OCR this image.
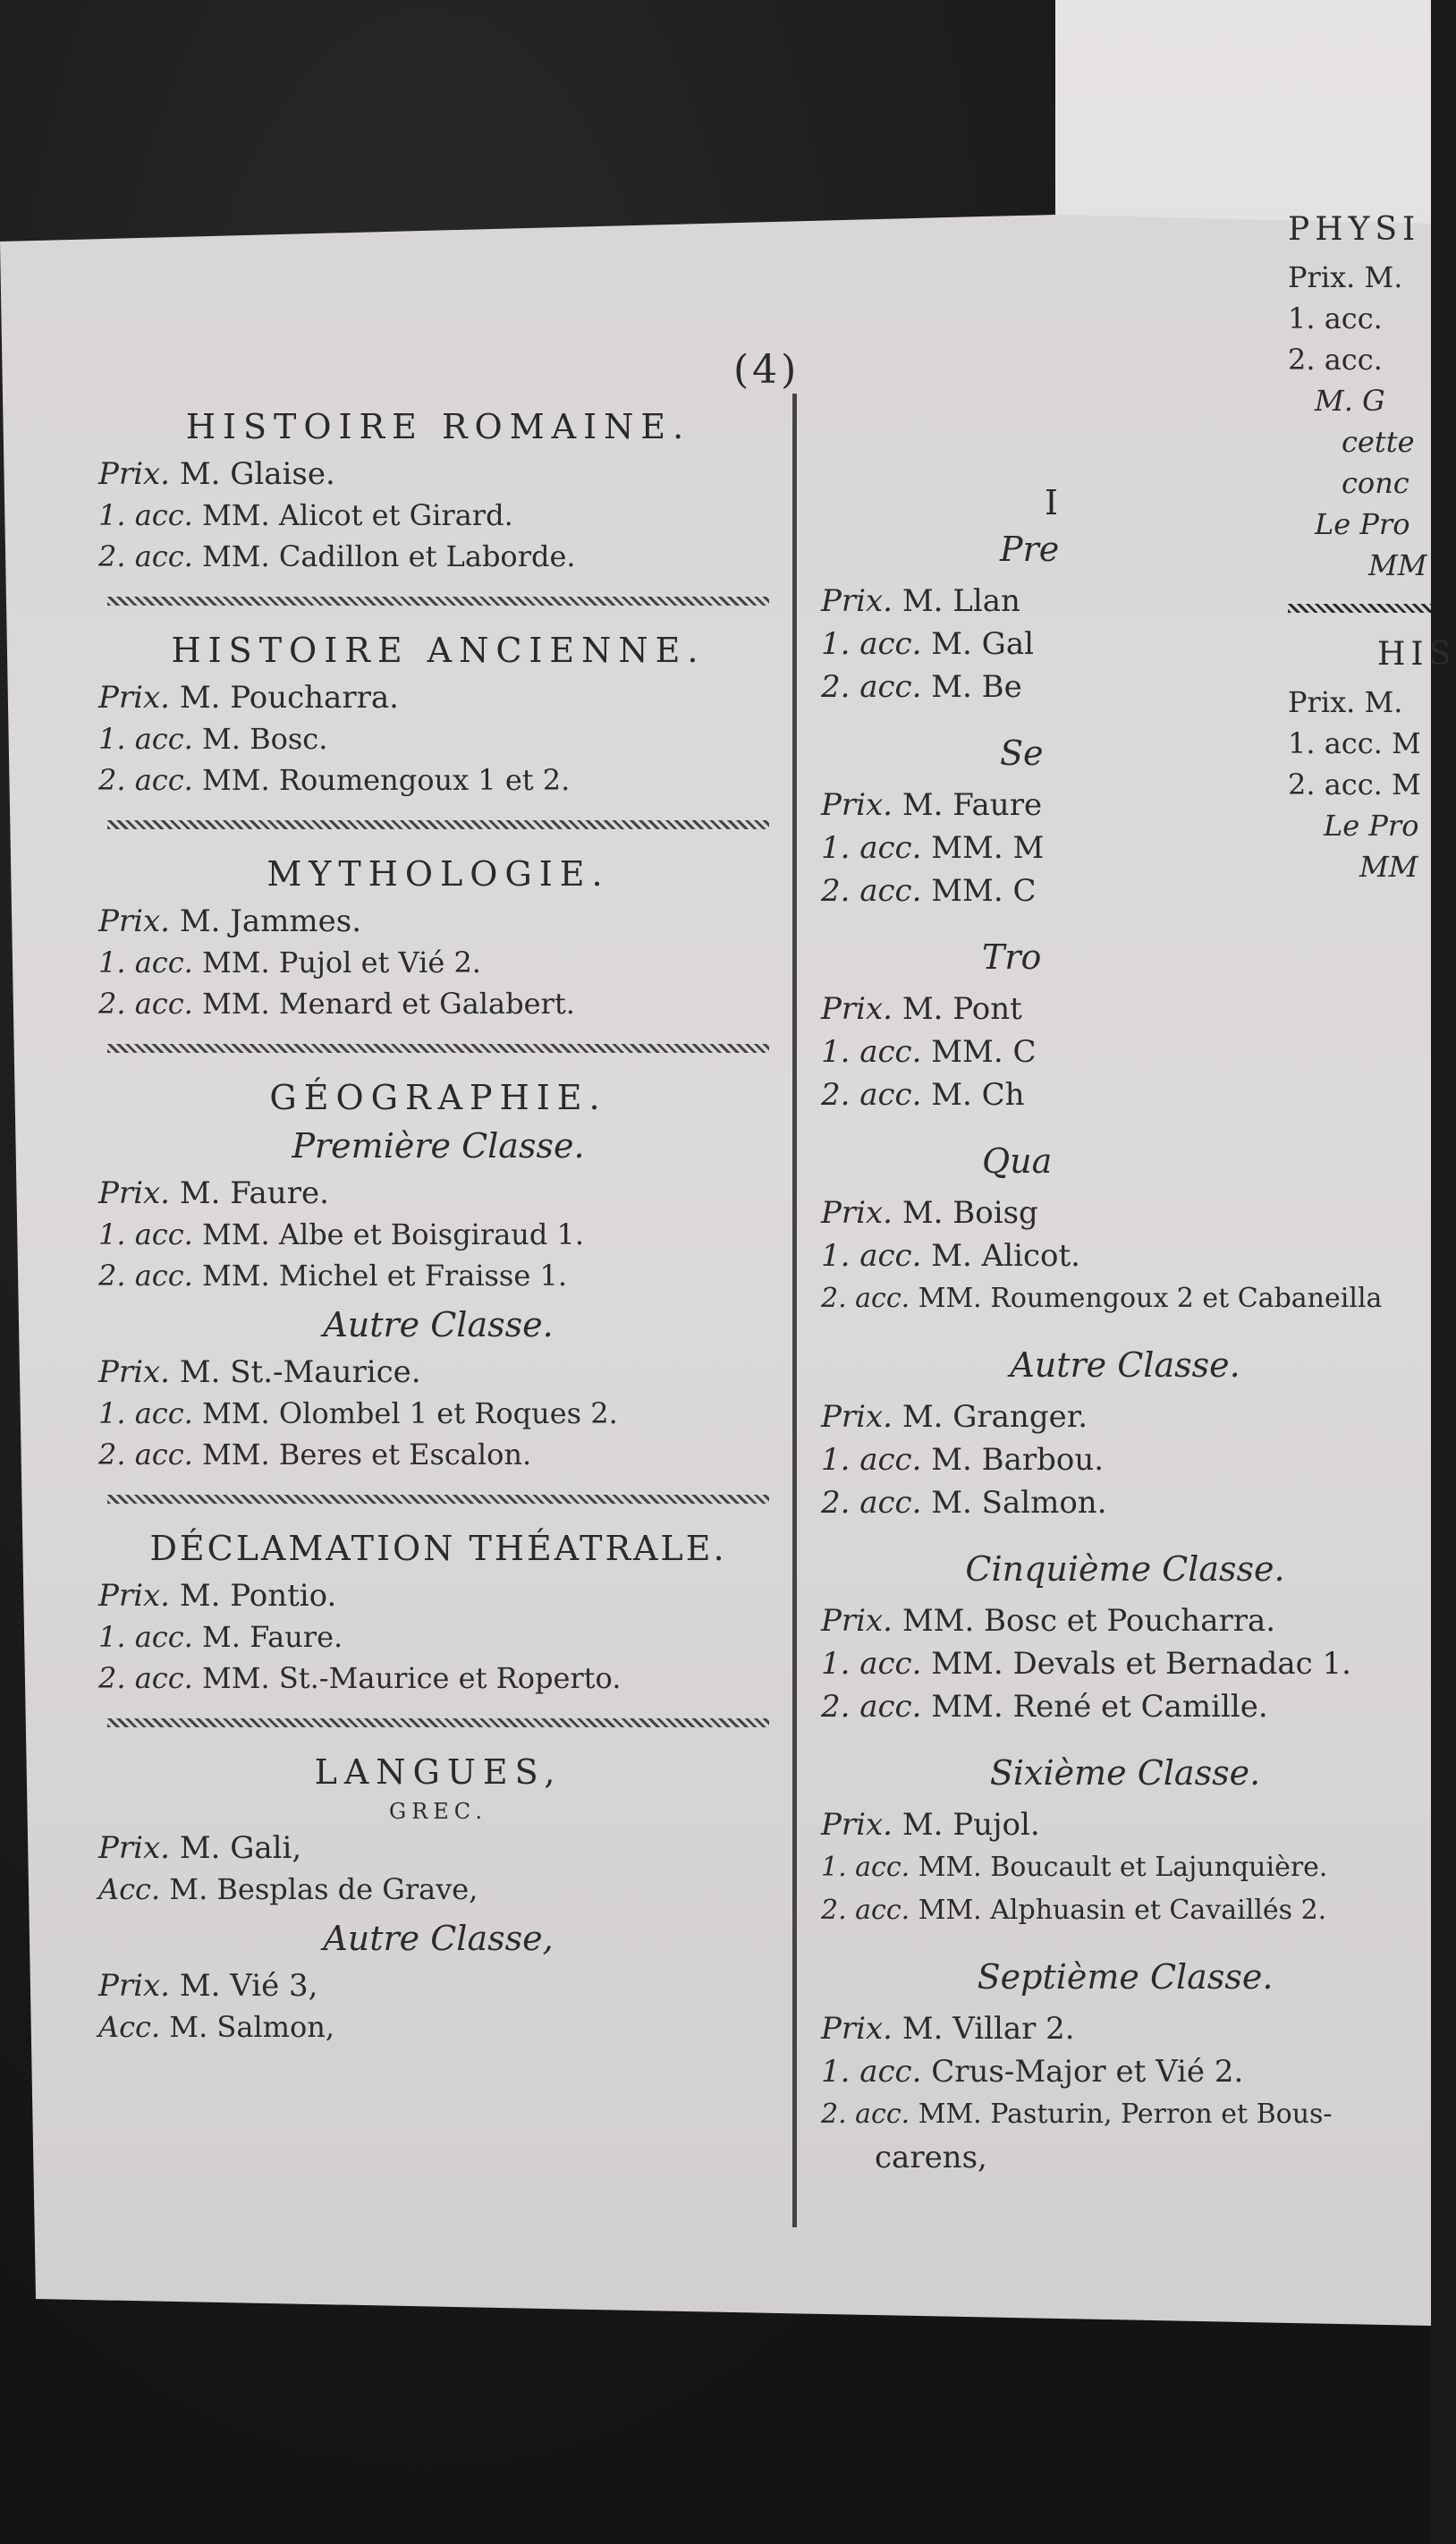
(4)
HISTOIRE ROMAINE.
Prix. M. Glaise.
1. acc. MM. Alicot et Girard.
2. acc. MM. Cadillon et Laborde.
HISTOIRE ANCIENNE.
Prix. M. Poucharra.
1. acc. M. Bosc.
2. acc. MM. Roumengoux 1 et 2.
MYTHOLOGIE.
Prix. M. Jammes.
1. acc. MM. Pujol et Vié 2.
2. acc. MM. Menard et Galabert.
GÉOGRAPHIE.
Première Classe.
Prix. M. Faure.
1. acc. MM. Albe et Boisgiraud 1.
2. acc. MM. Michel et Fraisse 1.
Autre Classe.
Prix. M. St.-Maurice.
1. acc. MM. Olombel 1 et Roques 2.
2. acc. MM. Beres et Escalon.
DÉCLAMATION THÉATRALE.
Prix. M. Pontio.
1. acc. M. Faure.
2. acc. MM. St.-Maurice et Roperto.
LANGUES,
GREC.
Prix. M. Gali,
Acc. M. Besplas de Grave,
Autre Classe,
Prix. M. Vié 3,
Acc. M. Salmon,
I
Pre
Prix. M. Llan
1. acc. M. Gal
2. acc. M. Be
Se
Prix. M. Faure
1. acc. MM. M
2. acc. MM. C
Tro
Prix. M. Pont
1. acc. MM. C
2. acc. M. Ch
Qua
Prix. M. Boisg
1. acc. M. Alicot.
2. acc. MM. Roumengoux 2 et Cabaneilla
Autre Classe.
Prix. M. Granger.
1. acc. M. Barbou.
2. acc. M. Salmon.
Cinquième Classe.
Prix. MM. Bosc et Poucharra.
1. acc. MM. Devals et Bernadac 1.
2. acc. MM. René et Camille.
Sixième Classe.
Prix. M. Pujol.
1. acc. MM. Boucault et Lajunquière.
2. acc. MM. Alphuasin et Cavaillés 2.
Septième Classe.
Prix. M. Villar 2.
1. acc. Crus-Major et Vié 2.
2. acc. MM. Pasturin, Perron et Bous-
carens,
PHYSI
Prix. M.
1. acc.
2. acc.
M. G
cette
conc
Le Pro
MM
HIS
Prix. M.
1. acc. M
2. acc. M
Le Pro
MM
